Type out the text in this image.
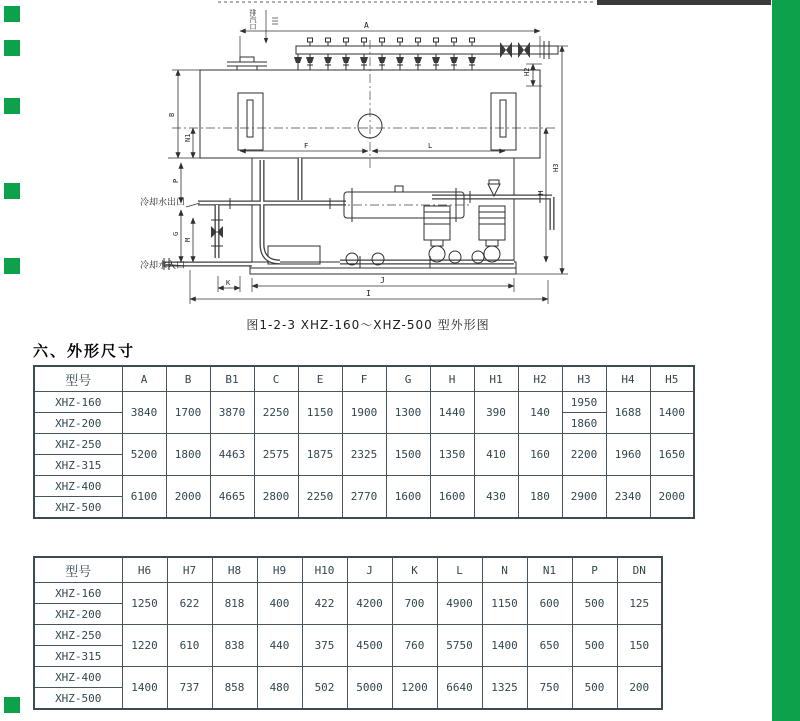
A
排汽口
F	L
B
N1
P
G
M
冷却水出口
冷却水入口
H2
H
H3
K	J
I
图1-2-3 XHZ-160～XHZ-500 型外形图
六、外形尺寸
型号	A	B	B1	C	E	F	G	H	H1	H2	H3	H4	H5
XHZ-160	3840	1700	3870	2250	1150	1900	1300	1440	390	140	1950	1688	1400
XHZ-200											1860		
XHZ-250	5200	1800	4463	2575	1875	2325	1500	1350	410	160	2200	1960	1650
XHZ-315													
XHZ-400	6100	2000	4665	2800	2250	2770	1600	1600	430	180	2900	2340	2000
XHZ-500													
型号	H6	H7	H8	H9	H10	J	K	L	N	N1	P	DN
XHZ-160	1250	622	818	400	422	4200	700	4900	1150	600	500	125
XHZ-200												
XHZ-250	1220	610	838	440	375	4500	760	5750	1400	650	500	150
XHZ-315												
XHZ-400	1400	737	858	480	502	5000	1200	6640	1325	750	500	200
XHZ-500												
